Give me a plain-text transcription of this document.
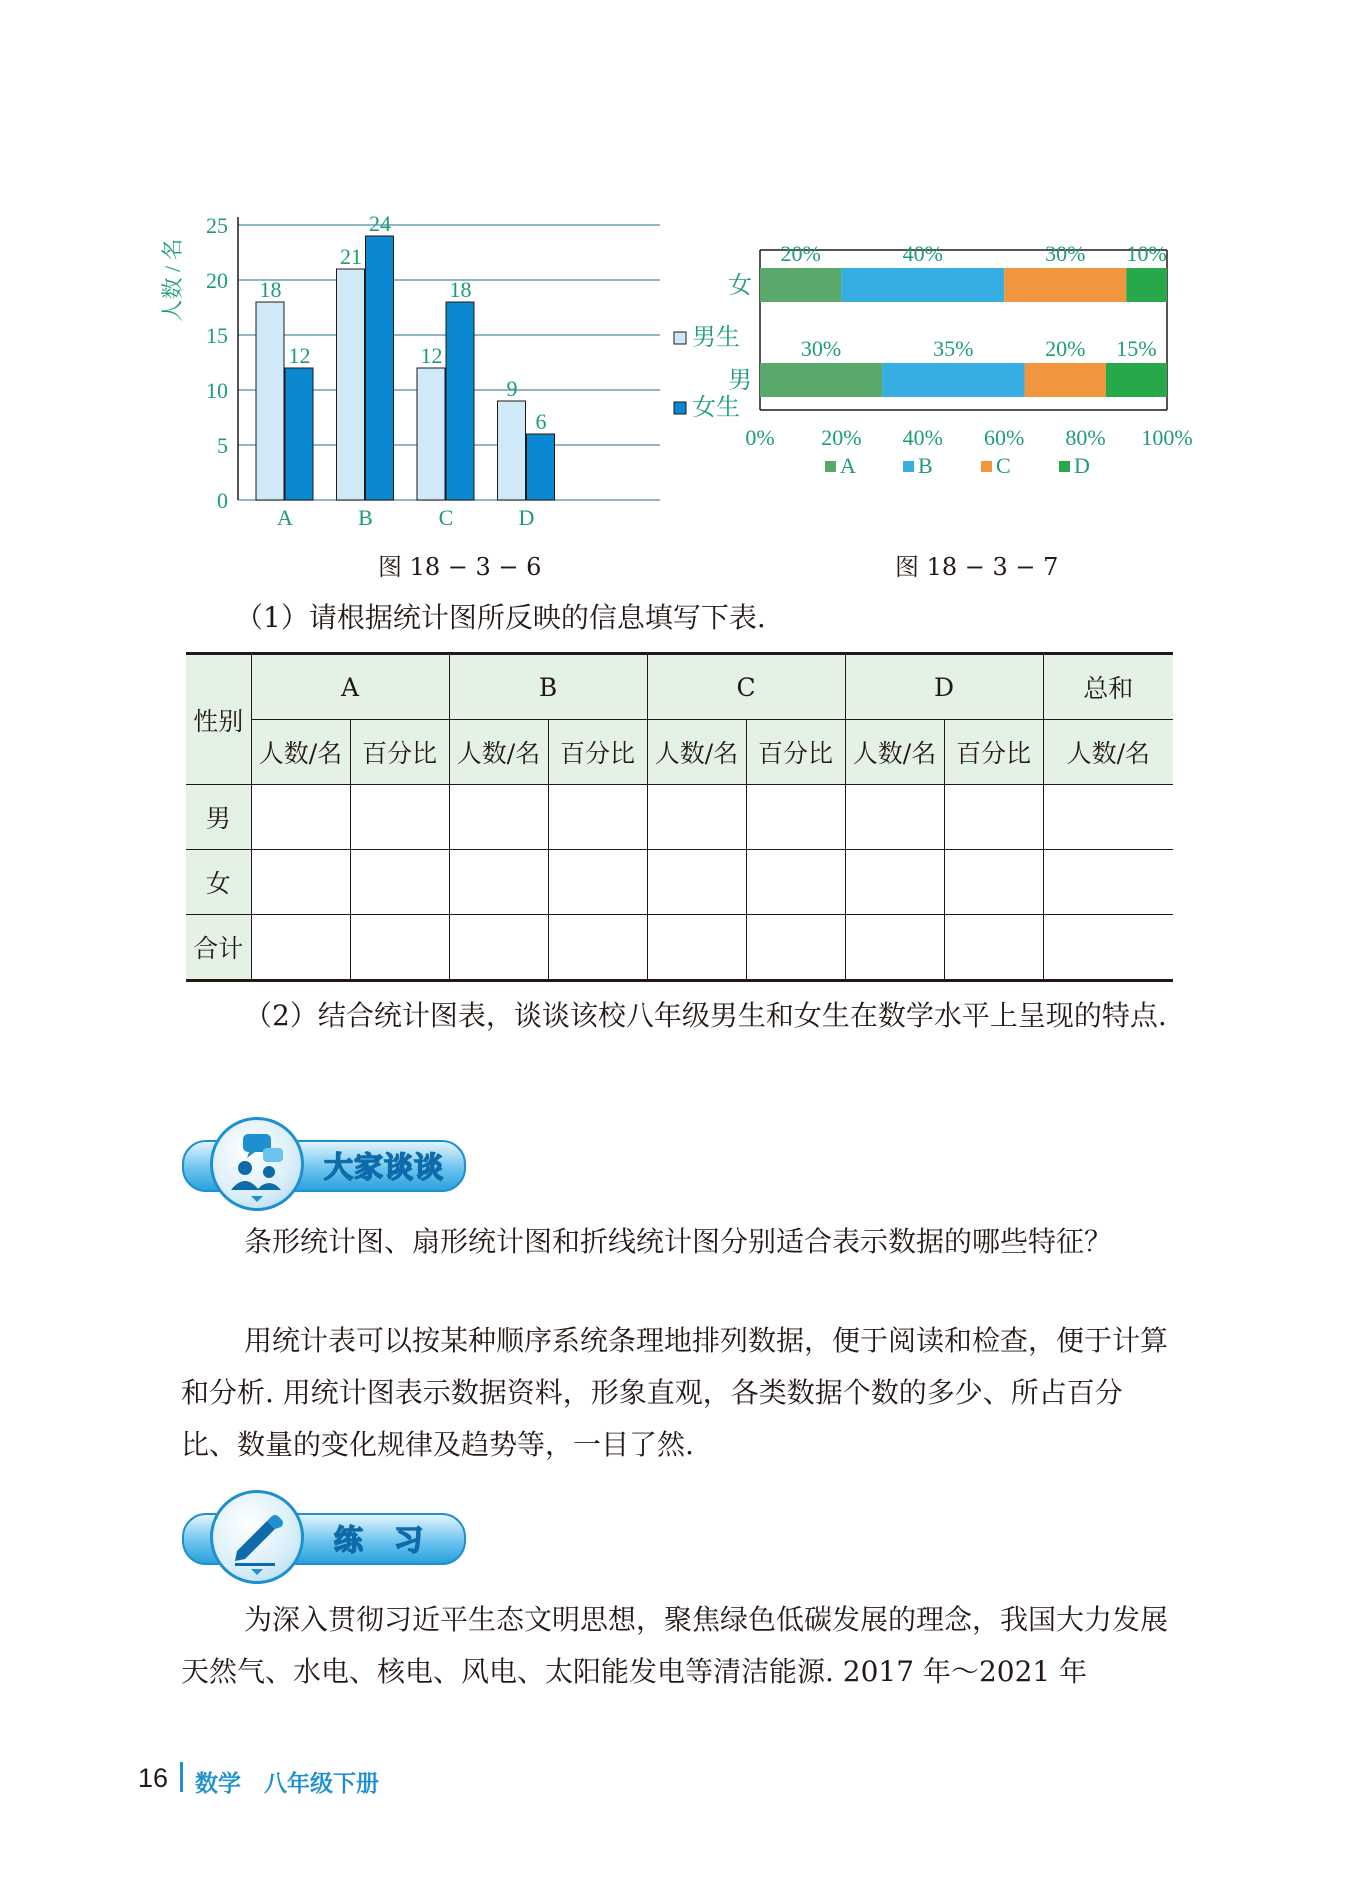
0
5
10
15
20
25
人数 / 名	18
12
A
21
24
B
12
18
C
9
6
D
男生
女生
图 18 − 3 − 6
女
20%	40%	30% 10%
男
30%	35%	20% 15%
0% 20% 40% 60% 80% 100%
A	B	C	D
图 18 − 3 − 7
（1）请根据统计图所反映的信息填写下表.
性别	A		B		C		D		总和
	人数/名	百分比	人数/名	百分比	人数/名	百分比	人数/名	百分比	人数/名
男									
女									
合计									
（2）结合统计图表，谈谈该校八年级男生和女生在数学水平上呈现的特点.
大家谈谈
条形统计图、扇形统计图和折线统计图分别适合表示数据的哪些特征？
用统计表可以按某种顺序系统条理地排列数据，便于阅读和检查，便于计算和分析. 用统计图表示数据资料，形象直观，各类数据个数的多少、所占百分比、数量的变化规律及趋势等，一目了然.
练　习
为深入贯彻习近平生态文明思想，聚焦绿色低碳发展的理念，我国大力发展天然气、水电、核电、风电、太阳能发电等清洁能源. 2017 年～2021 年
16 数学　八年级下册
